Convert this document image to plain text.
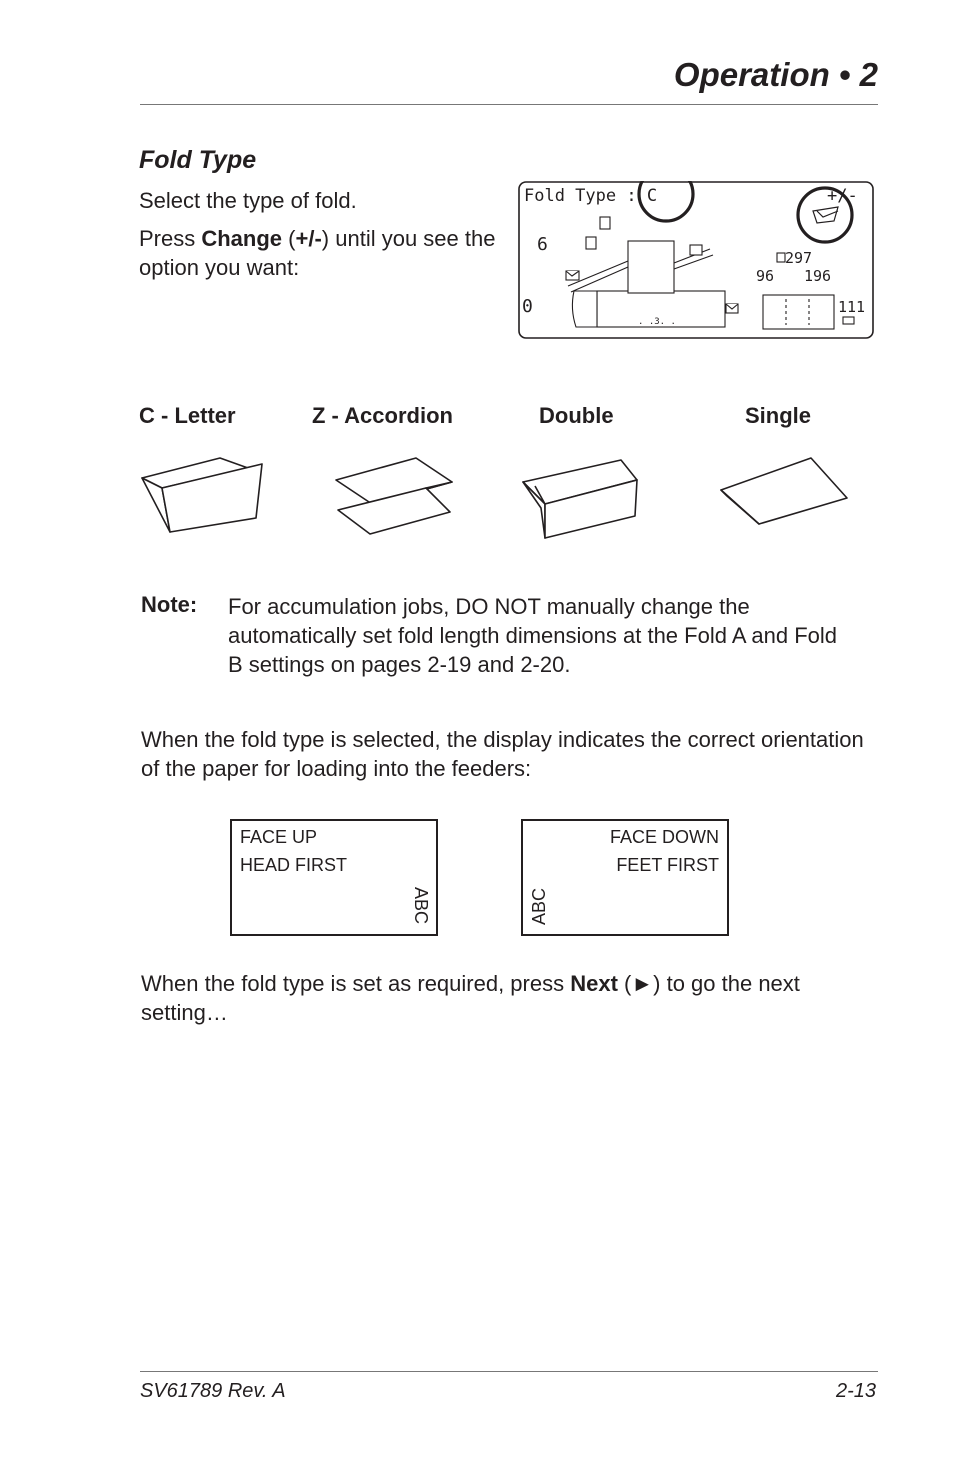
Operation • 2
Fold Type
Select the type of fold.
Press Change (+/-) until you see the option you want:
Fold Type : C	+/-
6
0
297
96 196
111
. .3. .
C - Letter	Z - Accordion	Double	Single
Note: For accumulation jobs, DO NOT manually change the automatically set fold length dimensions at the Fold A and Fold B settings on pages 2-19 and 2-20.
When the fold type is selected, the display indicates the correct orientation of the paper for loading into the feeders:
FACE UP
HEAD FIRST
ABC
FACE DOWN
FEET FIRST
ABC
When the fold type is set as required, press Next (►) to go the next setting…
SV61789 Rev. A	2-13
